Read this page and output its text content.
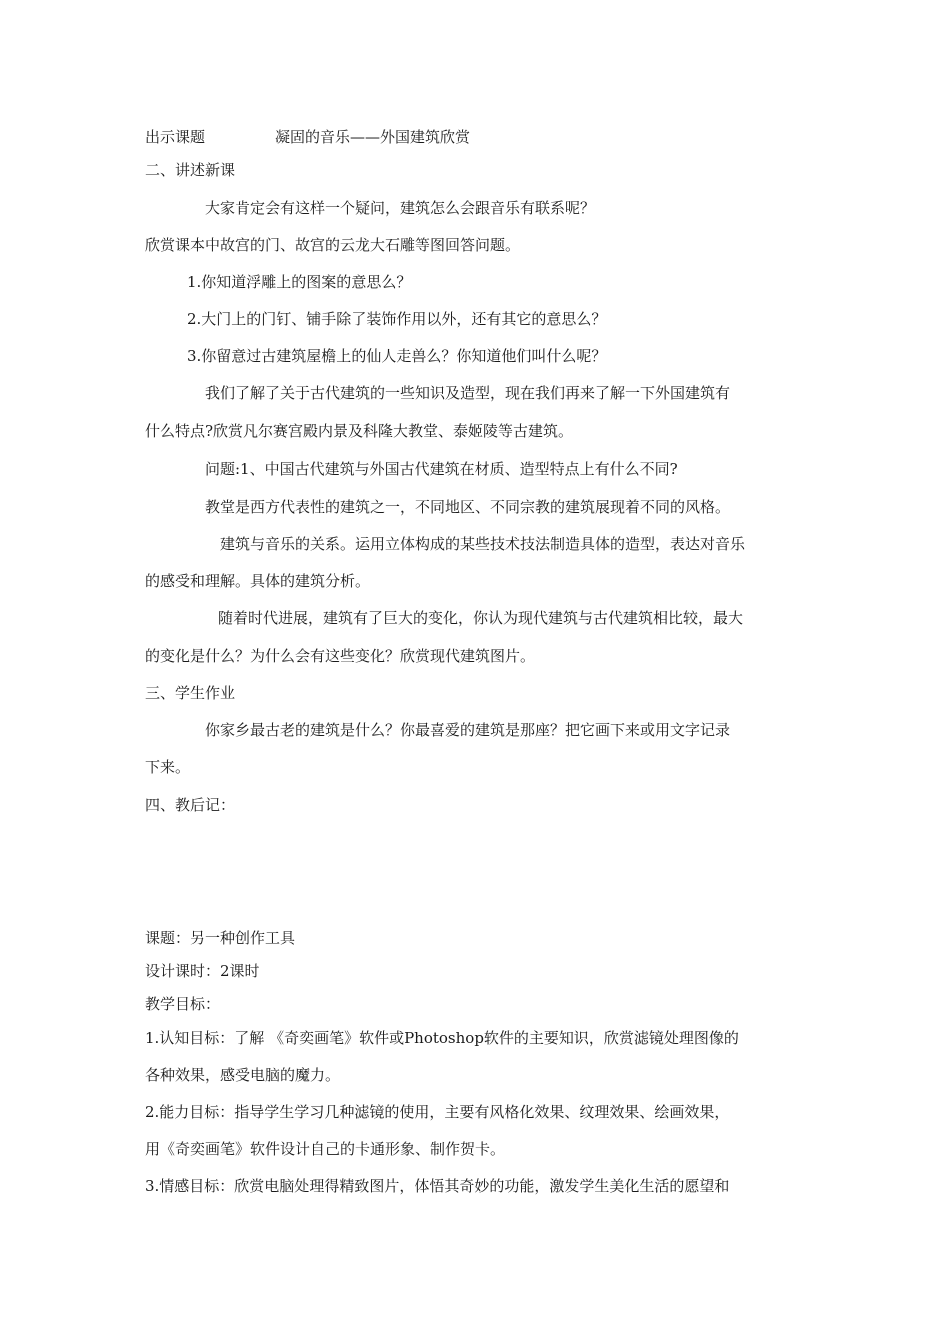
出示课题	凝固的音乐——外国建筑欣赏
二、讲述新课
大家肯定会有这样一个疑问，建筑怎么会跟音乐有联系呢？
欣赏课本中故宫的门、故宫的云龙大石雕等图回答问题。
1.你知道浮雕上的图案的意思么？
2.大门上的门钉、铺手除了装饰作用以外，还有其它的意思么？
3.你留意过古建筑屋檐上的仙人走兽么？你知道他们叫什么呢？
我们了解了关于古代建筑的一些知识及造型，现在我们再来了解一下外国建筑有
什么特点?欣赏凡尔赛宫殿内景及科隆大教堂、泰姬陵等古建筑。
问题:1、中国古代建筑与外国古代建筑在材质、造型特点上有什么不同?
教堂是西方代表性的建筑之一，不同地区、不同宗教的建筑展现着不同的风格。
建筑与音乐的关系。运用立体构成的某些技术技法制造具体的造型，表达对音乐
的感受和理解。具体的建筑分析。
随着时代进展，建筑有了巨大的变化，你认为现代建筑与古代建筑相比较，最大
的变化是什么？为什么会有这些变化？欣赏现代建筑图片。
三、学生作业
你家乡最古老的建筑是什么？你最喜爱的建筑是那座？把它画下来或用文字记录
下来。
四、教后记：
课题：另一种创作工具
设计课时：2课时
教学目标：
1.认知目标：了解 《奇奕画笔》软件或Photoshop软件的主要知识，欣赏滤镜处理图像的
各种效果，感受电脑的魔力。
2.能力目标：指导学生学习几种滤镜的使用，主要有风格化效果、纹理效果、绘画效果，
用《奇奕画笔》软件设计自己的卡通形象、制作贺卡。
3.情感目标：欣赏电脑处理得精致图片，体悟其奇妙的功能，激发学生美化生活的愿望和
